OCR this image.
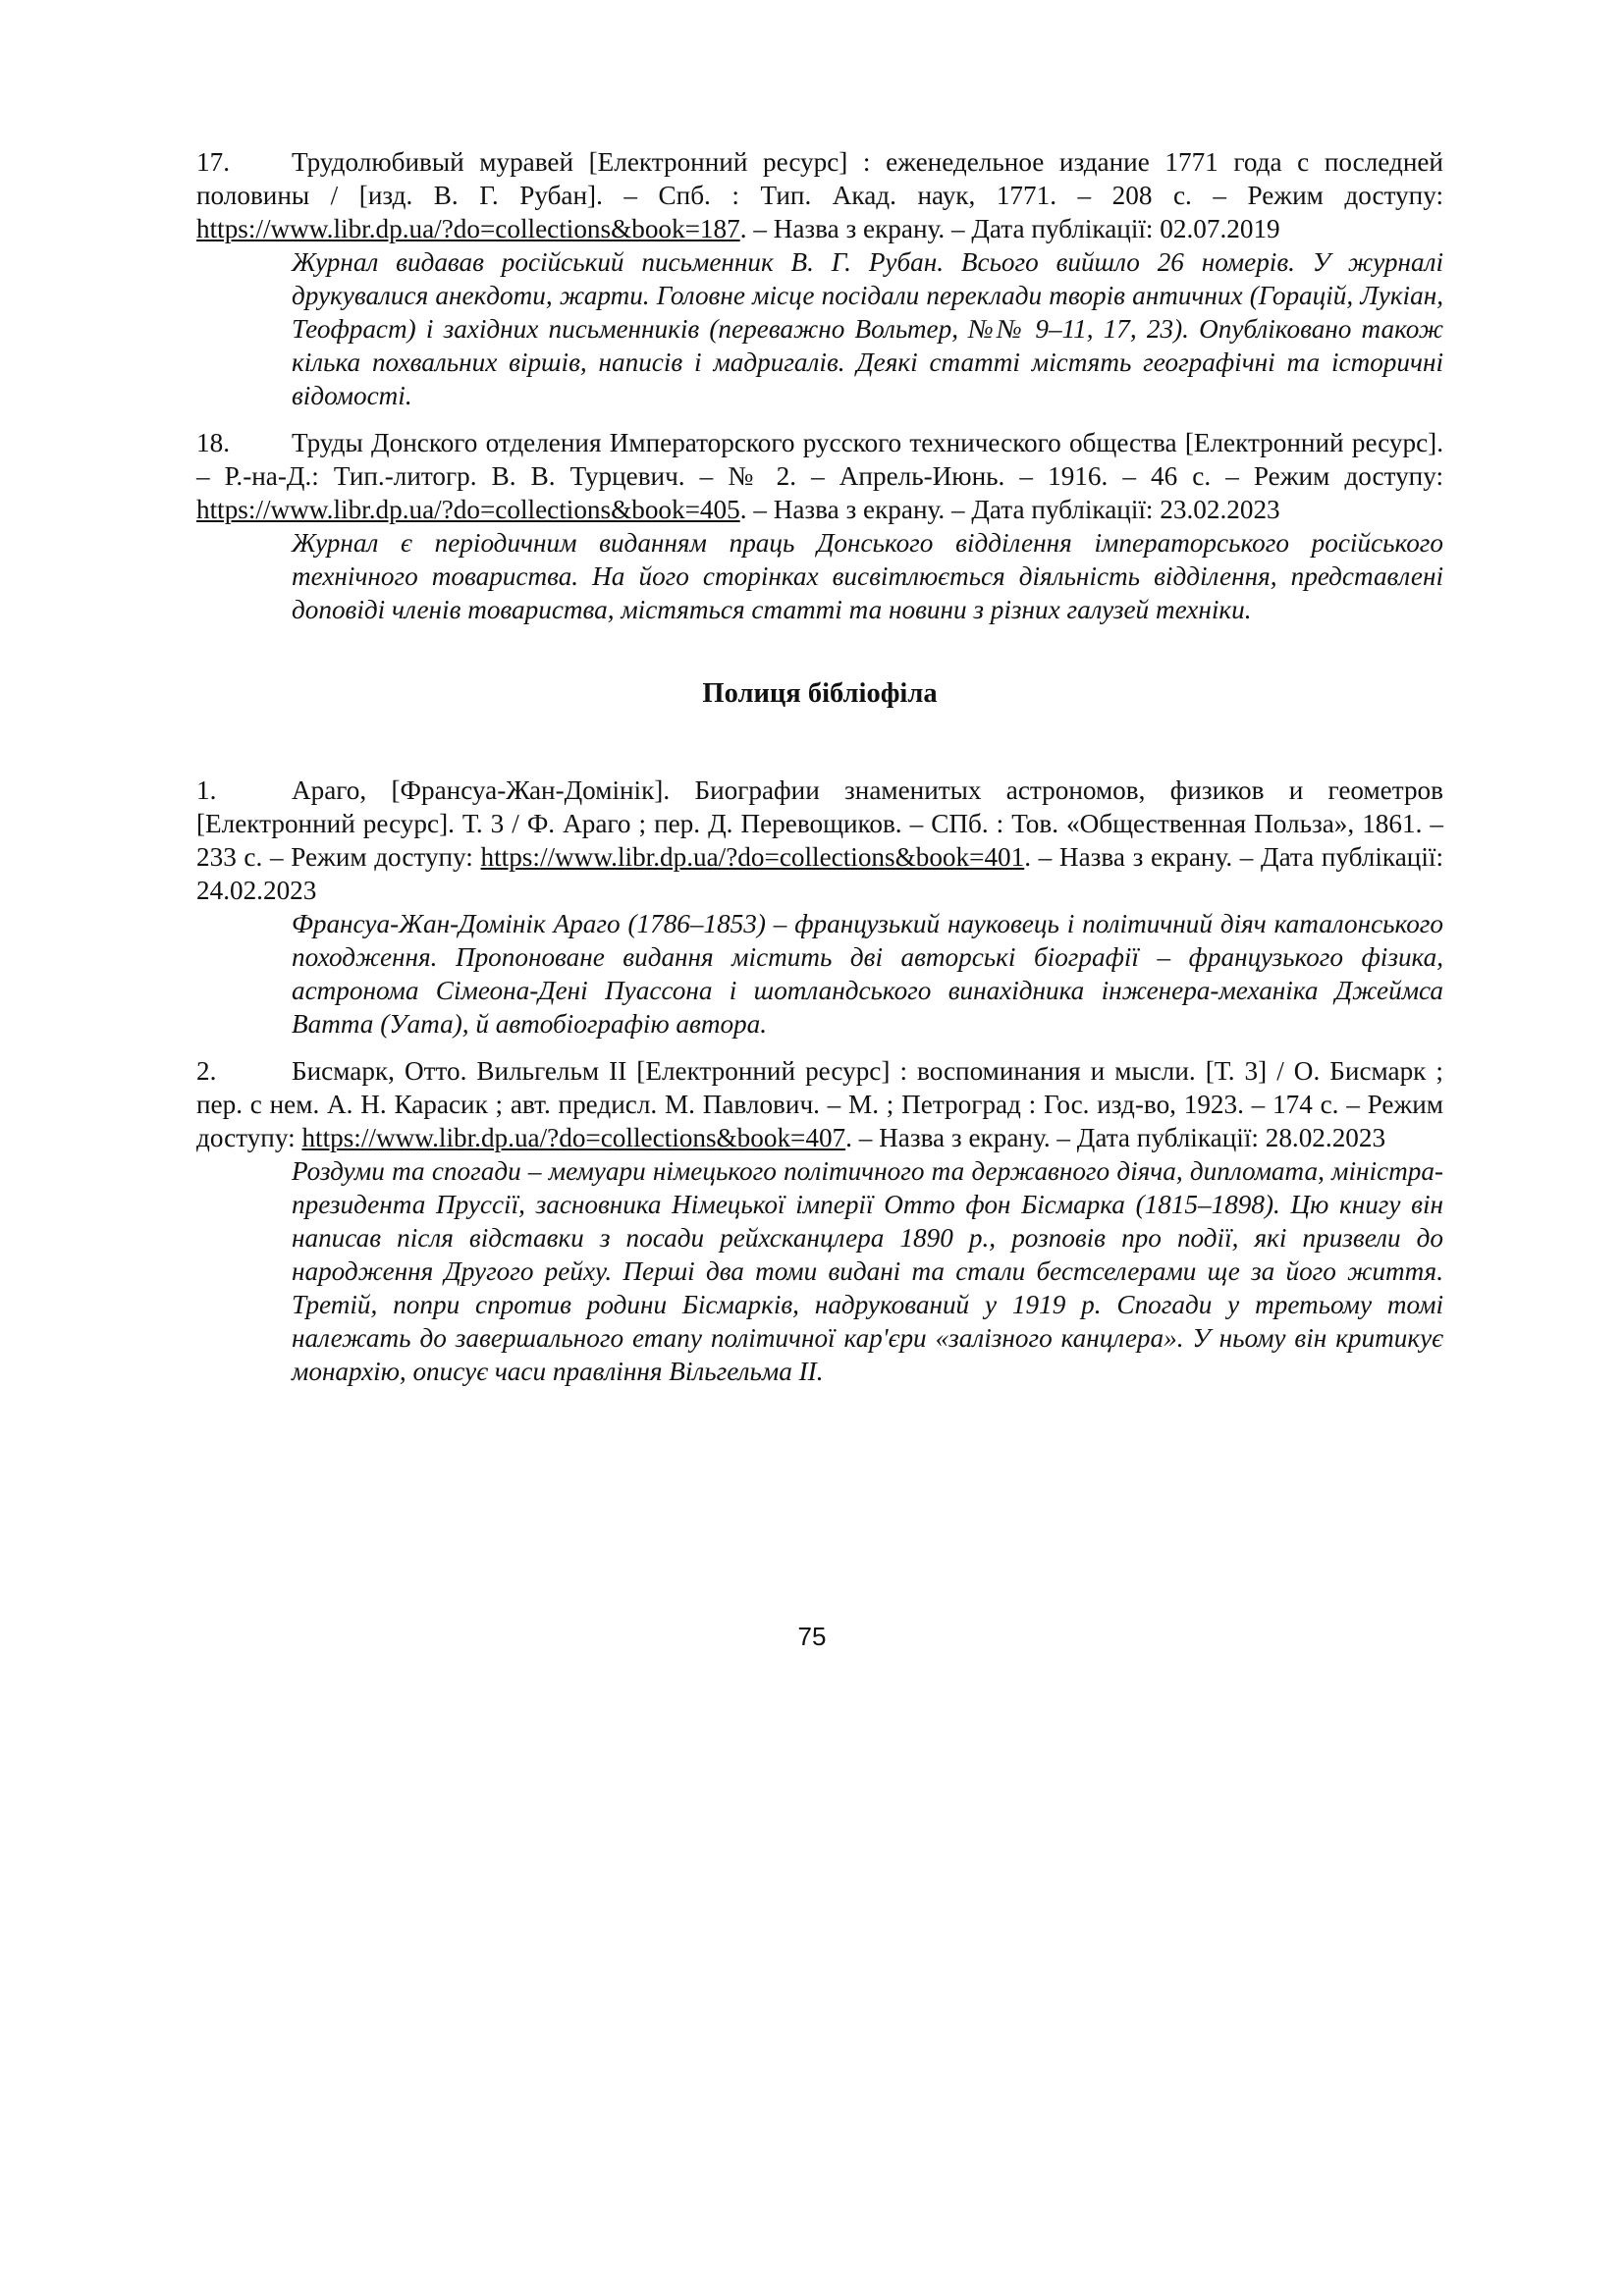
17. Трудолюбивый муравей [Електронний ресурс] : еженедельное издание 1771 года с последней половины / [изд. В. Г. Рубан]. – Спб. : Тип. Акад. наук, 1771. – 208 с. – Режим доступу: https://www.libr.dp.ua/?do=collections&book=187. – Назва з екрану. – Дата публікації: 02.07.2019

Журнал видавав російський письменник В. Г. Рубан. Всього вийшло 26 номерів. У журналі друкувалися анекдоти, жарти. Головне місце посідали переклади творів античних (Горацій, Лукіан, Теофраст) і західних письменників (переважно Вольтер, №№ 9–11, 17, 23). Опубліковано також кілька похвальних віршів, написів і мадригалів. Деякі статті містять географічні та історичні відомості.

18. Труды Донского отделения Императорского русского технического общества [Електронний ресурс]. – Р.-на-Д.: Тип.-литогр. В. В. Турцевич. – № 2. – Апрель-Июнь. – 1916. – 46 с. – Режим доступу: https://www.libr.dp.ua/?do=collections&book=405. – Назва з екрану. – Дата публікації: 23.02.2023

Журнал є періодичним виданням праць Донського відділення імператорського російського технічного товариства. На його сторінках висвітлюється діяльність відділення, представлені доповіді членів товариства, містяться статті та новини з різних галузей техніки.

Полиця бібліофіла

1.	Араго, [Франсуа-Жан-Домінік]. Биографии знаменитых астрономов, физиков и геометров [Електронний ресурс]. Т. 3 / Ф. Араго ; пер. Д. Перевощиков. – СПб. : Тов. «Общественная Польза», 1861. – 233 с. – Режим доступу: https://www.libr.dp.ua/?do=collections&book=401. – Назва з екрану. – Дата публікації: 24.02.2023

Франсуа-Жан-Домінік Араго (1786–1853) – французький науковець і політичний діяч каталонського походження. Пропоноване видання містить дві авторські біографії – французького фізика, астронома Сімеона-Дені Пуассона і шотландського винахідника інженера-механіка Джеймса Ватта (Уата), й автобіографію автора.

2.	Бисмарк, Отто. Вильгельм II [Електронний ресурс] : воспоминания и мысли. [Т. 3] / О. Бисмарк ; пер. с нем. А. Н. Карасик ; авт. предисл. М. Павлович. – М. ; Петроград : Гос. изд-во, 1923. – 174 с. – Режим доступу: https://www.libr.dp.ua/?do=collections&book=407. – Назва з екрану. – Дата публікації: 28.02.2023

Роздуми та спогади – мемуари німецького політичного та державного діяча, дипломата, міністра-президента Пруссії, засновника Німецької імперії Отто фон Бісмарка (1815–1898). Цю книгу він написав після відставки з посади рейхсканцлера 1890 р., розповів про події, які призвели до народження Другого рейху. Перші два томи видані та стали бестселерами ще за його життя. Третій, попри спротив родини Бісмарків, надрукований у 1919 р. Спогади у третьому томі належать до завершального етапу політичної кар'єри «залізного канцлера». У ньому він критикує монархію, описує часи правління Вільгельма II.

75
